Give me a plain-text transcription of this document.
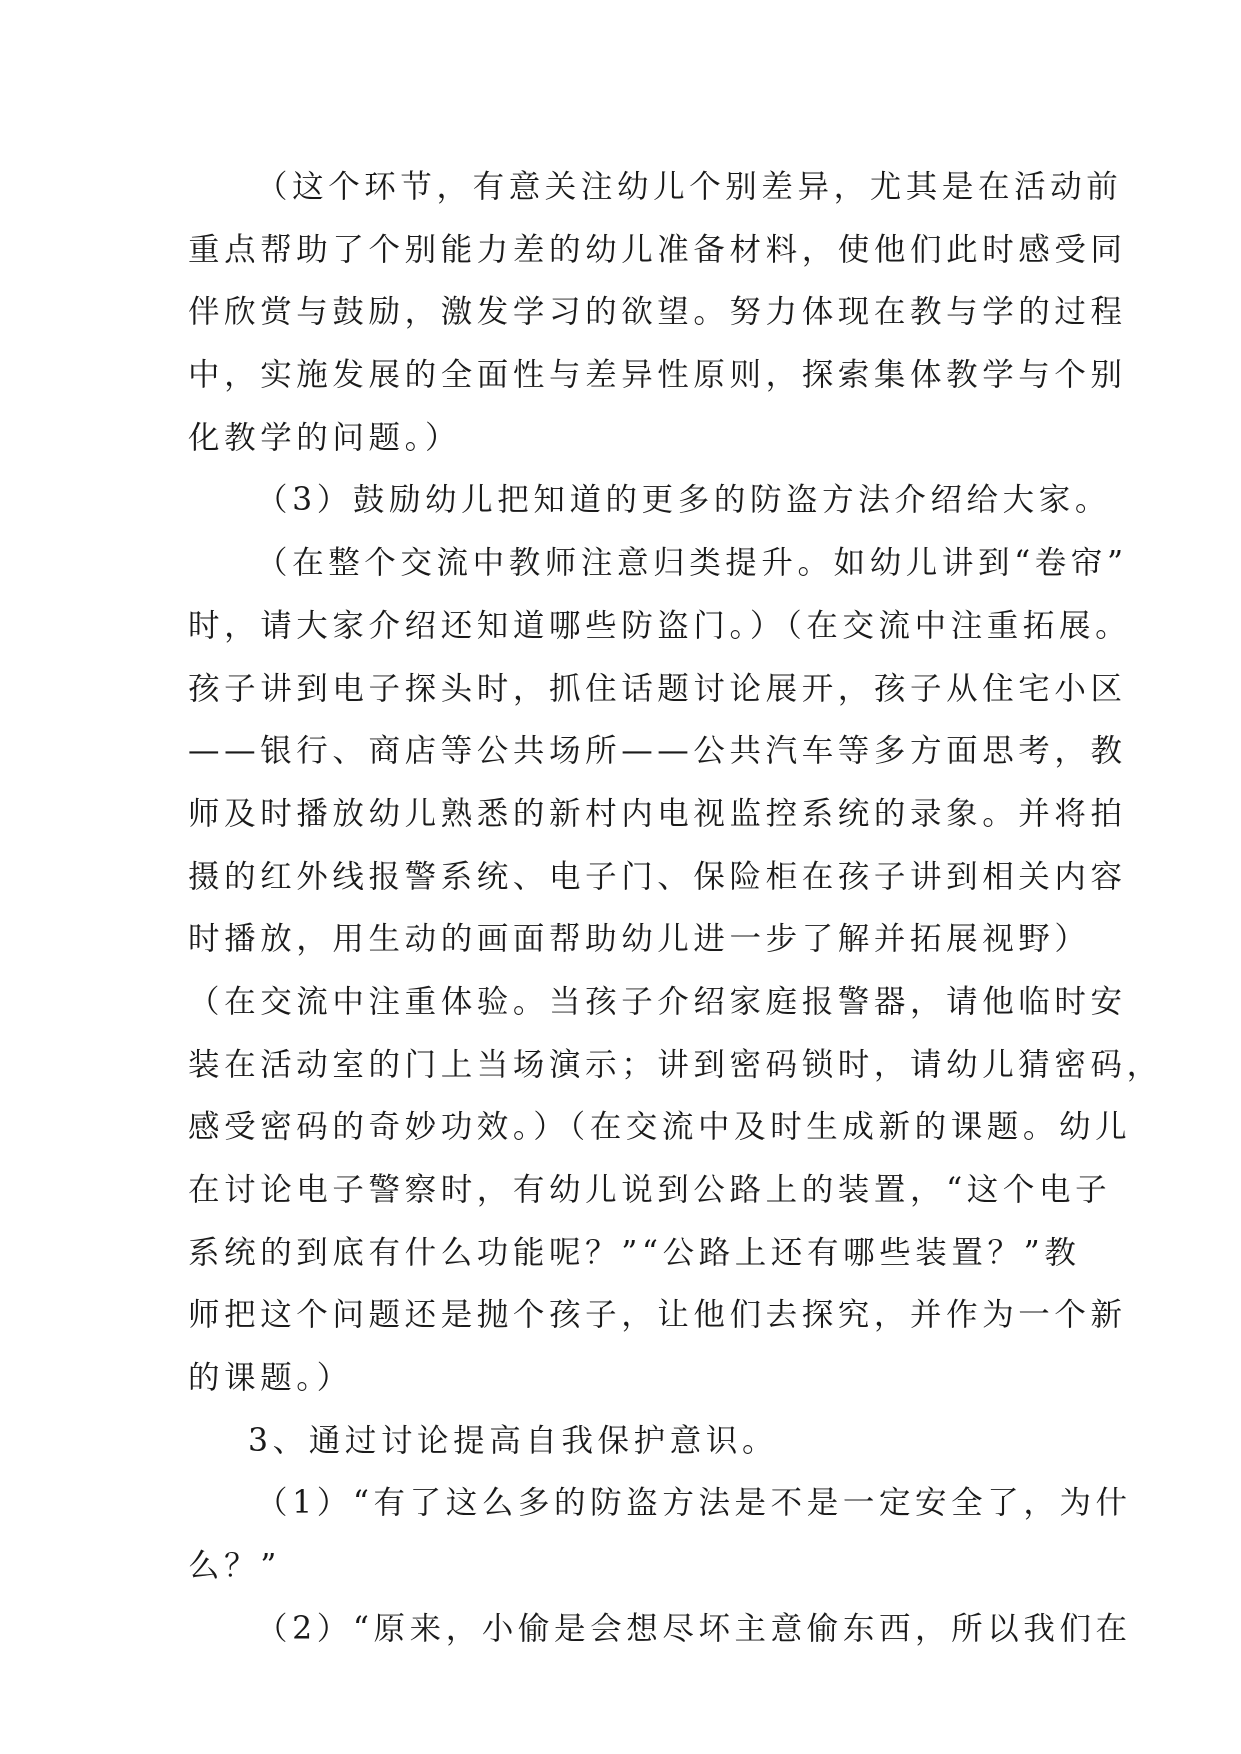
（这个环节，有意关注幼儿个别差异，尤其是在活动前
重点帮助了个别能力差的幼儿准备材料，使他们此时感受同
伴欣赏与鼓励，激发学习的欲望。努力体现在教与学的过程
中，实施发展的全面性与差异性原则，探索集体教学与个别
化教学的问题。）
（3）鼓励幼儿把知道的更多的防盗方法介绍给大家。
（在整个交流中教师注意归类提升。如幼儿讲到“卷帘”
时，请大家介绍还知道哪些防盗门。）（在交流中注重拓展。
孩子讲到电子探头时，抓住话题讨论展开，孩子从住宅小区
——银行、商店等公共场所——公共汽车等多方面思考，教
师及时播放幼儿熟悉的新村内电视监控系统的录象。并将拍
摄的红外线报警系统、电子门、保险柜在孩子讲到相关内容
时播放，用生动的画面帮助幼儿进一步了解并拓展视野）
（在交流中注重体验。当孩子介绍家庭报警器，请他临时安
装在活动室的门上当场演示；讲到密码锁时，请幼儿猜密码，
感受密码的奇妙功效。）（在交流中及时生成新的课题。幼儿
在讨论电子警察时，有幼儿说到公路上的装置，“这个电子
系统的到底有什么功能呢？”“公路上还有哪些装置？”教
师把这个问题还是抛个孩子，让他们去探究，并作为一个新
的课题。）
3、通过讨论提高自我保护意识。
（1）“有了这么多的防盗方法是不是一定安全了，为什
么？”
（2）“原来，小偷是会想尽坏主意偷东西，所以我们在
